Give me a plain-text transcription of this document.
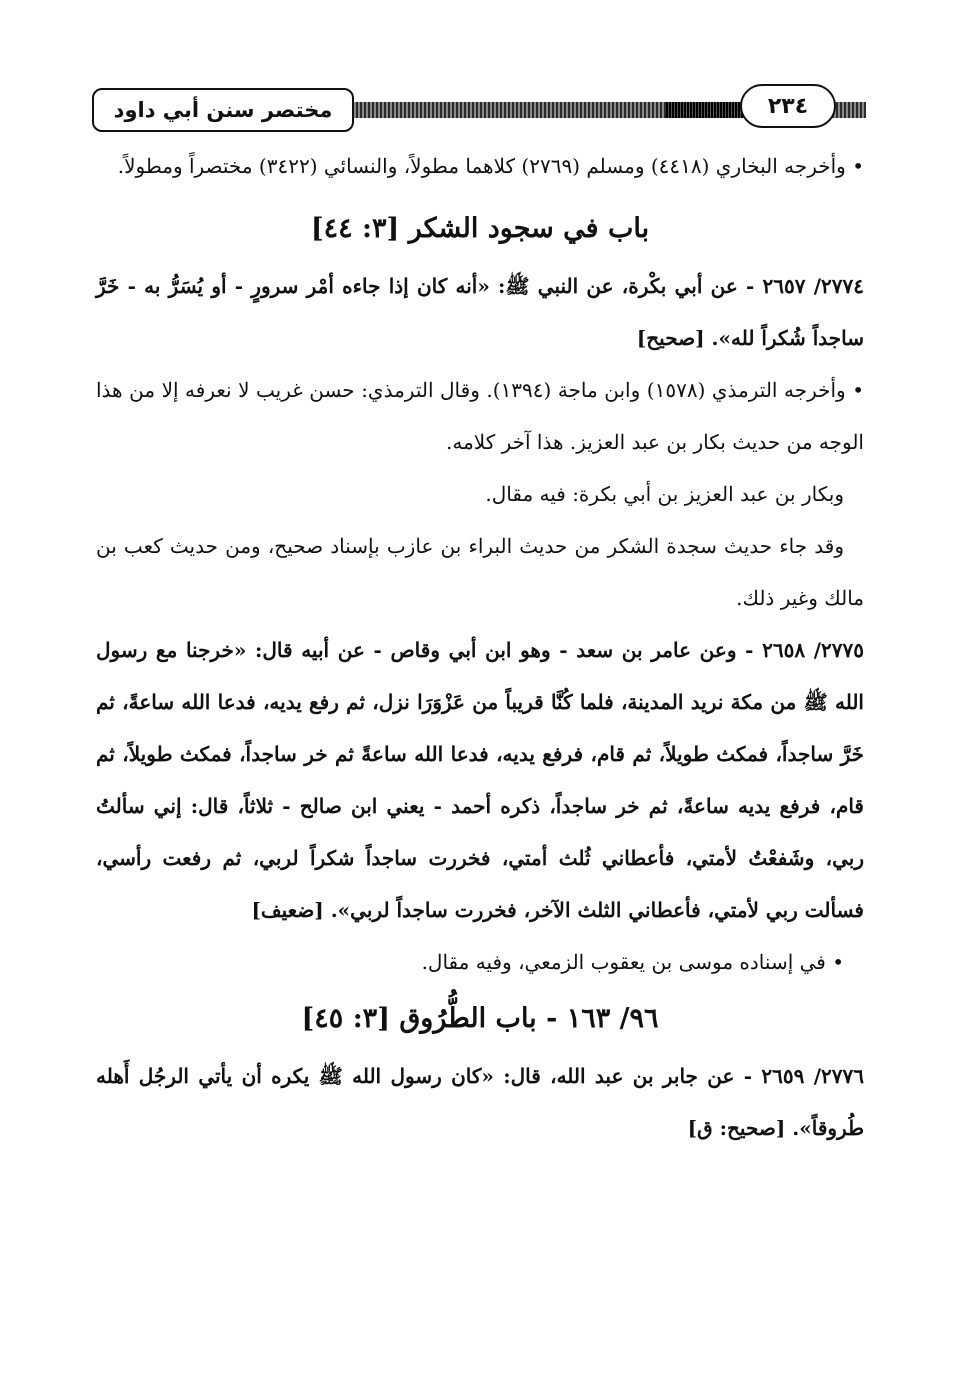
مختصر سنن أبي داود	٢٣٤

• وأخرجه البخاري (٤٤١٨) ومسلم (٢٧٦٩) كلاهما مطولاً، والنسائي (٣٤٢٢) مختصراً ومطولاً.

باب في سجود الشكر [٣: ٤٤]

٢٧٧٤/ ٢٦٥٧ - عن أبي بكْرة، عن النبي ﷺ: «أنه كان إذا جاءه أمْر سرورٍ - أو يُسَرُّ به - خَرَّ ساجداً شُكراً لله». [صحيح]

• وأخرجه الترمذي (١٥٧٨) وابن ماجة (١٣٩٤). وقال الترمذي: حسن غريب لا نعرفه إلا من هذا الوجه من حديث بكار بن عبد العزيز. هذا آخر كلامه.

وبكار بن عبد العزيز بن أبي بكرة: فيه مقال.

وقد جاء حديث سجدة الشكر من حديث البراء بن عازب بإسناد صحيح، ومن حديث كعب بن مالك وغير ذلك.

٢٧٧٥/ ٢٦٥٨ - وعن عامر بن سعد - وهو ابن أبي وقاص - عن أبيه قال: «خرجنا مع رسول الله ﷺ من مكة نريد المدينة، فلما كُنَّا قريباً من عَزْوَرَا نزل، ثم رفع يديه، فدعا الله ساعةً، ثم خَرَّ ساجداً، فمكث طويلاً، ثم قام، فرفع يديه، فدعا الله ساعةً ثم خر ساجداً، فمكث طويلاً، ثم قام، فرفع يديه ساعةً، ثم خر ساجداً، ذكره أحمد - يعني ابن صالح - ثلاثاً، قال: إني سألتُ ربي، وشَفعْتُ لأمتي، فأعطاني ثُلث أمتي، فخررت ساجداً شكراً لربي، ثم رفعت رأسي، فسألت ربي لأمتي، فأعطاني الثلث الآخر، فخررت ساجداً لربي». [ضعيف]

• في إسناده موسى بن يعقوب الزمعي، وفيه مقال.

٩٦/ ١٦٣ - باب الطُّرُوق [٣: ٤٥]

٢٧٧٦/ ٢٦٥٩ - عن جابر بن عبد الله، قال: «كان رسول الله ﷺ يكره أن يأتي الرجُل أَهله طُروقاً». [صحيح: ق]
